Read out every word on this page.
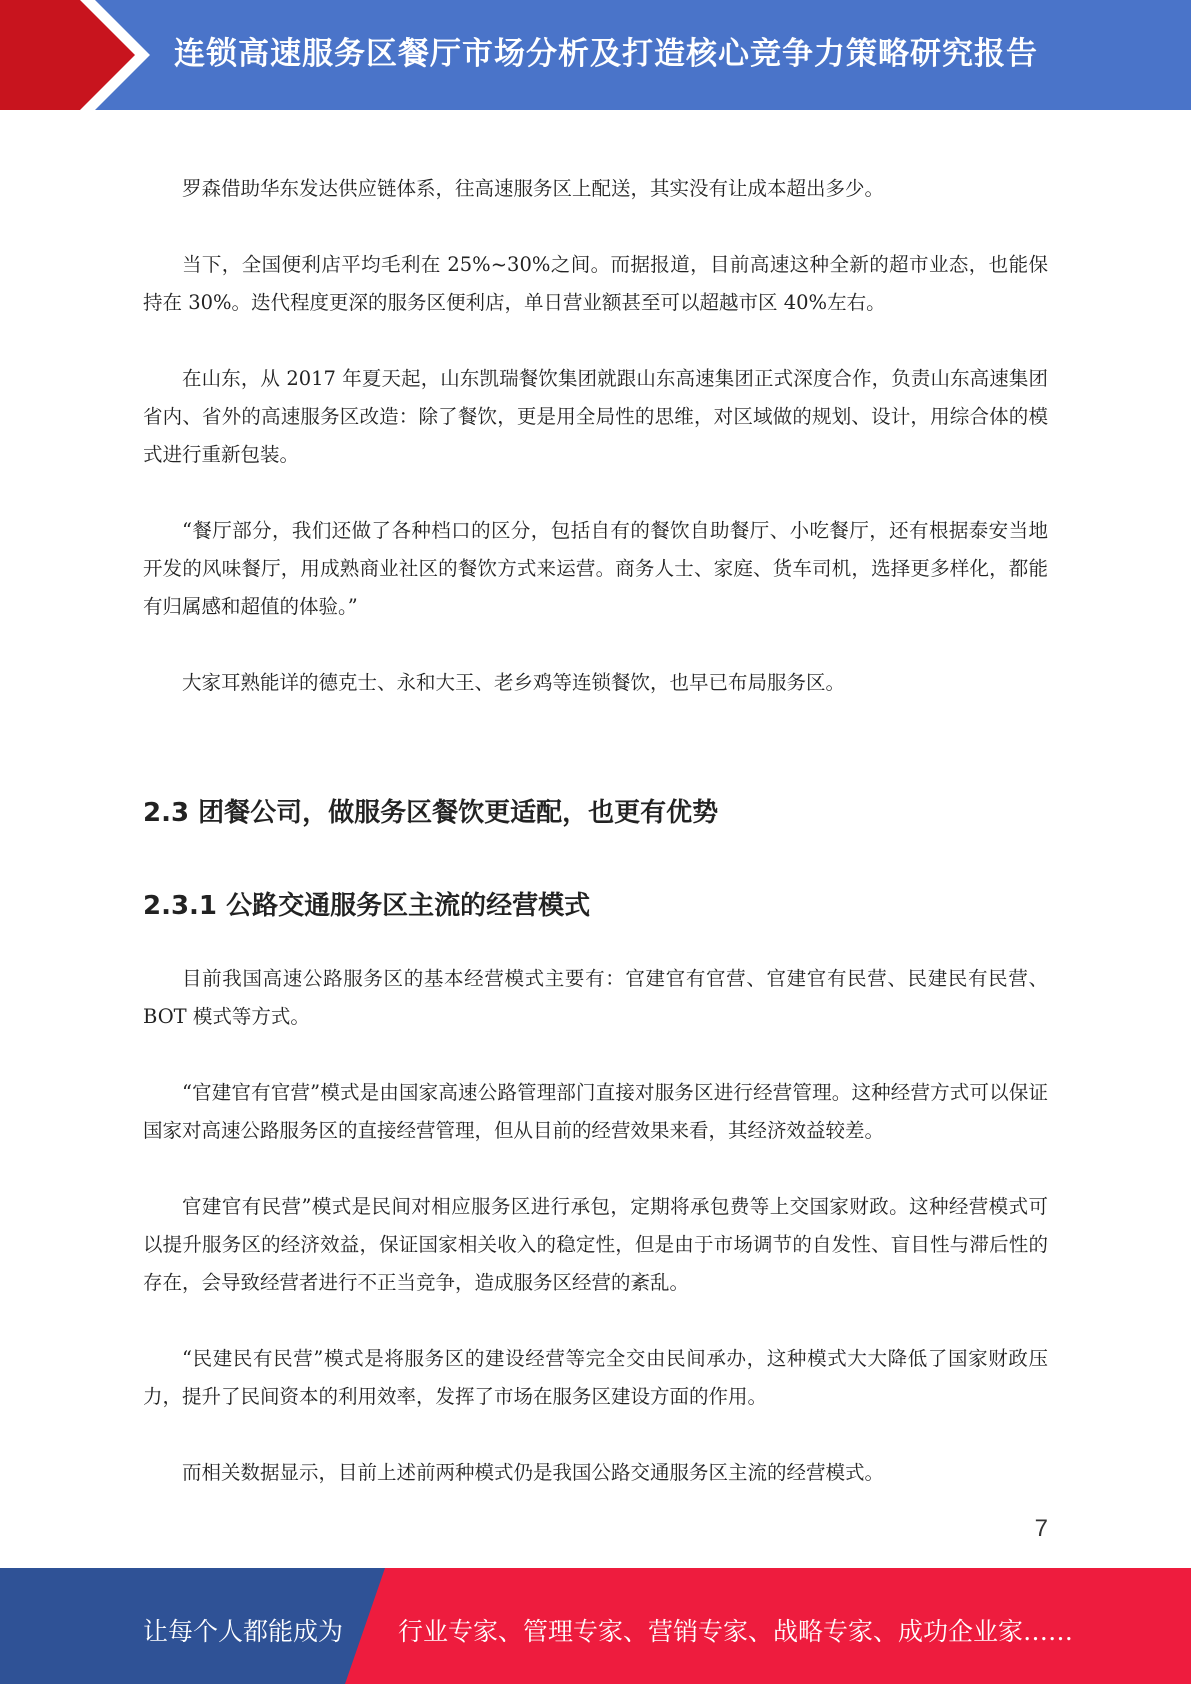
连锁高速服务区餐厅市场分析及打造核心竞争力策略研究报告

罗森借助华东发达供应链体系，往高速服务区上配送，其实没有让成本超出多少。

当下，全国便利店平均毛利在 25%~30%之间。而据报道，目前高速这种全新的超市业态，也能保持在 30%。迭代程度更深的服务区便利店，单日营业额甚至可以超越市区 40%左右。

在山东，从 2017 年夏天起，山东凯瑞餐饮集团就跟山东高速集团正式深度合作，负责山东高速集团省内、省外的高速服务区改造：除了餐饮，更是用全局性的思维，对区域做的规划、设计，用综合体的模式进行重新包装。

“餐厅部分，我们还做了各种档口的区分，包括自有的餐饮自助餐厅、小吃餐厅，还有根据泰安当地开发的风味餐厅，用成熟商业社区的餐饮方式来运营。商务人士、家庭、货车司机，选择更多样化，都能有归属感和超值的体验。”

大家耳熟能详的德克士、永和大王、老乡鸡等连锁餐饮，也早已布局服务区。

2.3 团餐公司，做服务区餐饮更适配，也更有优势
2.3.1 公路交通服务区主流的经营模式

目前我国高速公路服务区的基本经营模式主要有：官建官有官营、官建官有民营、民建民有民营、BOT 模式等方式。

“官建官有官营”模式是由国家高速公路管理部门直接对服务区进行经营管理。这种经营方式可以保证国家对高速公路服务区的直接经营管理，但从目前的经营效果来看，其经济效益较差。

官建官有民营”模式是民间对相应服务区进行承包，定期将承包费等上交国家财政。这种经营模式可以提升服务区的经济效益，保证国家相关收入的稳定性，但是由于市场调节的自发性、盲目性与滞后性的存在，会导致经营者进行不正当竞争，造成服务区经营的紊乱。

“民建民有民营”模式是将服务区的建设经营等完全交由民间承办，这种模式大大降低了国家财政压力，提升了民间资本的利用效率，发挥了市场在服务区建设方面的作用。

而相关数据显示，目前上述前两种模式仍是我国公路交通服务区主流的经营模式。

7
让每个人都能成为 行业专家、管理专家、营销专家、战略专家、成功企业家……
